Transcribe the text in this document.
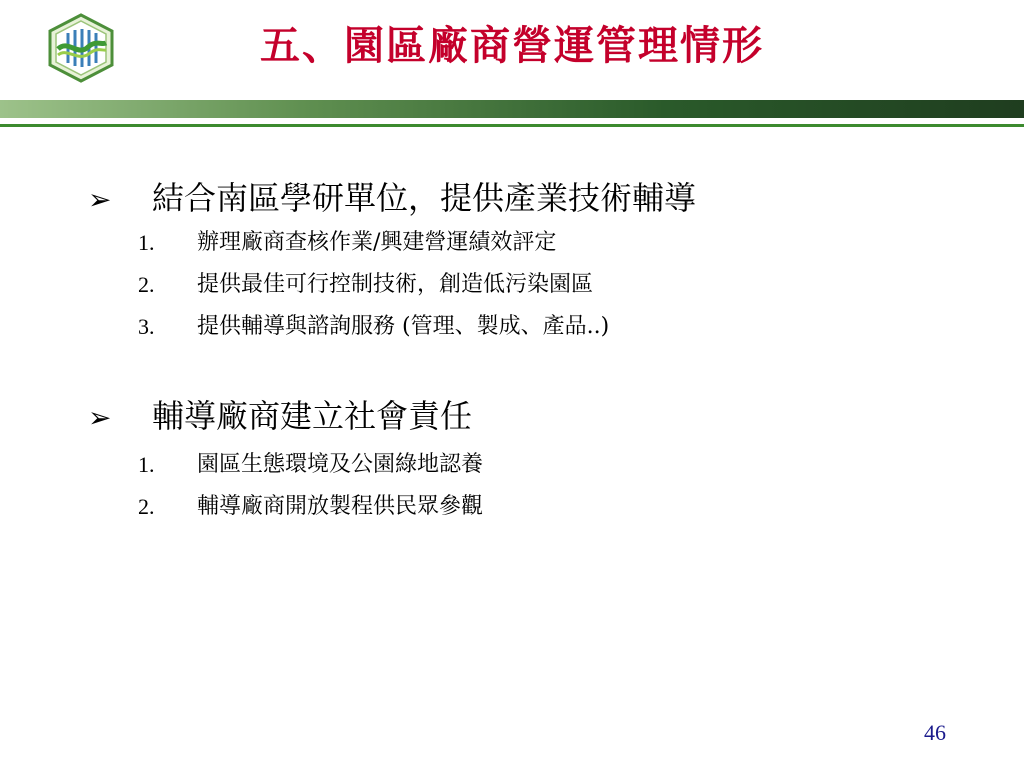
五、園區廠商營運管理情形
➢ 結合南區學研單位，提供產業技術輔導
1. 辦理廠商查核作業/興建營運績效評定
2. 提供最佳可行控制技術，創造低污染園區
3. 提供輔導與諮詢服務 (管理、製成、產品..)
➢ 輔導廠商建立社會責任
1. 園區生態環境及公園綠地認養
2. 輔導廠商開放製程供民眾參觀
46
